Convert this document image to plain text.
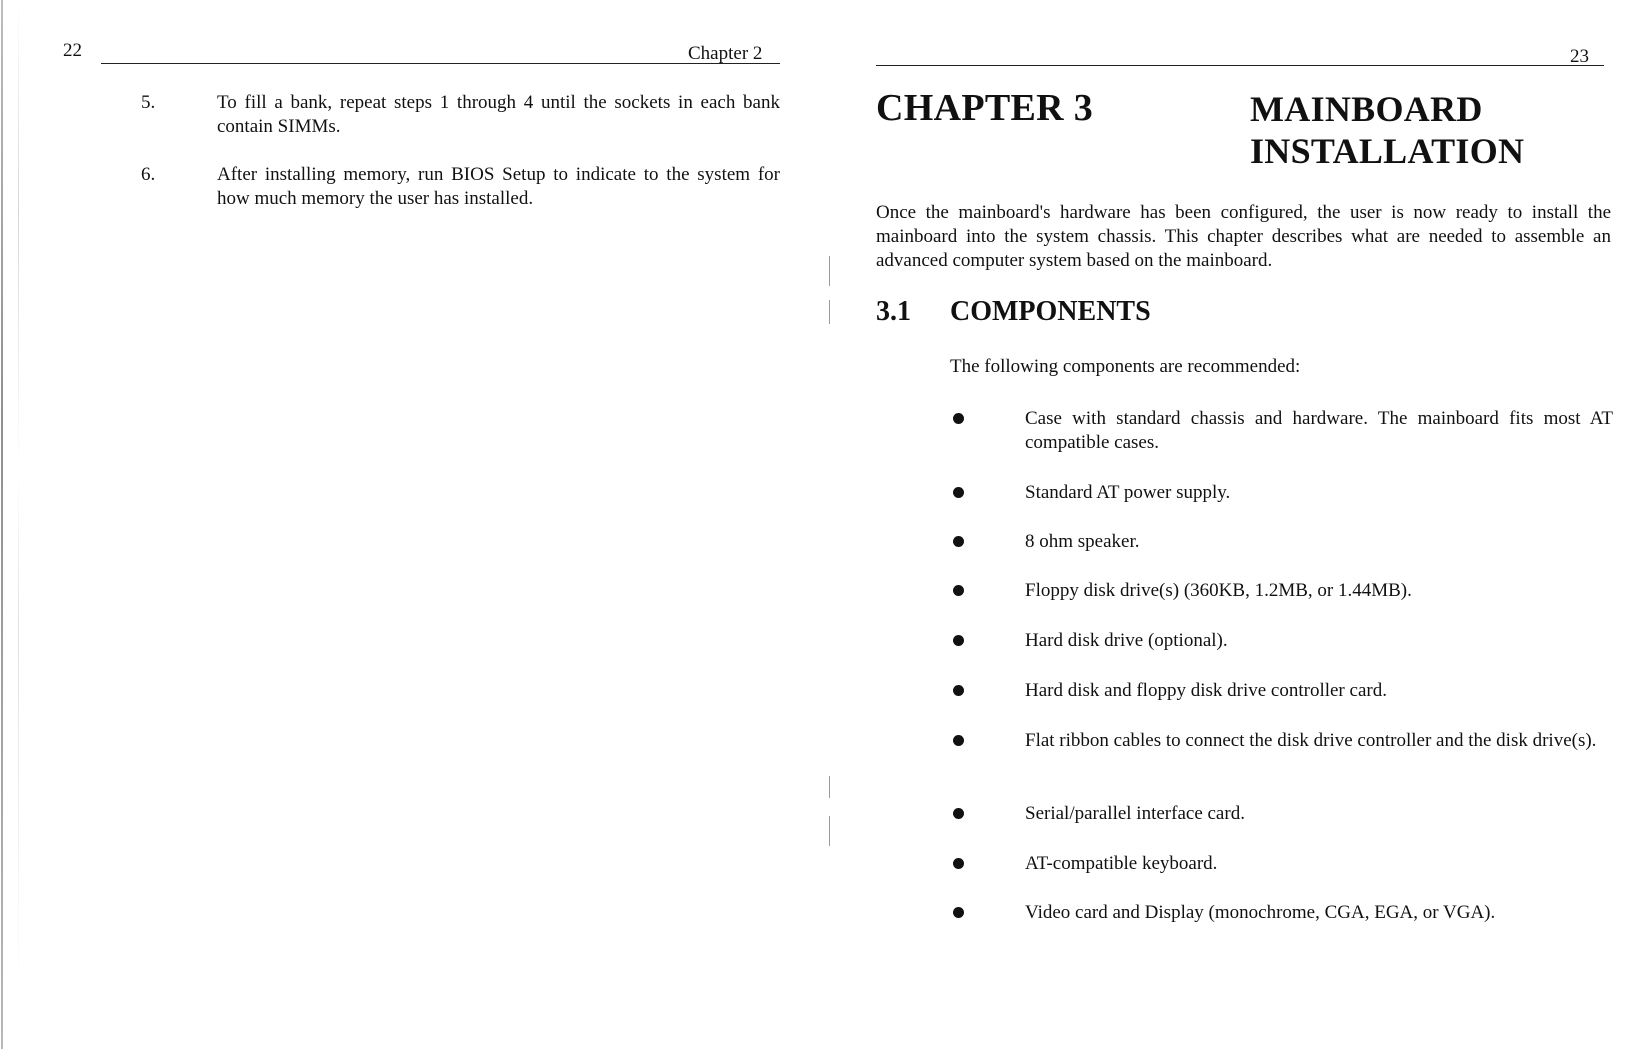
22	Chapter 2
5.	To fill a bank, repeat steps 1 through 4 until the sockets in each bank contain SIMMs.
6.	After installing memory, run BIOS Setup to indicate to the system for how much memory the user has installed.
23
CHAPTER 3	MAINBOARD
INSTALLATION
Once the mainboard's hardware has been configured, the user is now ready to install the mainboard into the system chassis. This chapter describes what are needed to assemble an advanced computer system based on the mainboard.
3.1 COMPONENTS
The following components are recommended:
Case with standard chassis and hardware. The mainboard fits most AT compatible cases.
Standard AT power supply.
8 ohm speaker.
Floppy disk drive(s) (360KB, 1.2MB, or 1.44MB).
Hard disk drive (optional).
Hard disk and floppy disk drive controller card.
Flat ribbon cables to connect the disk drive controller and the disk drive(s).
Serial/parallel interface card.
AT-compatible keyboard.
Video card and Display (monochrome, CGA, EGA, or VGA).
